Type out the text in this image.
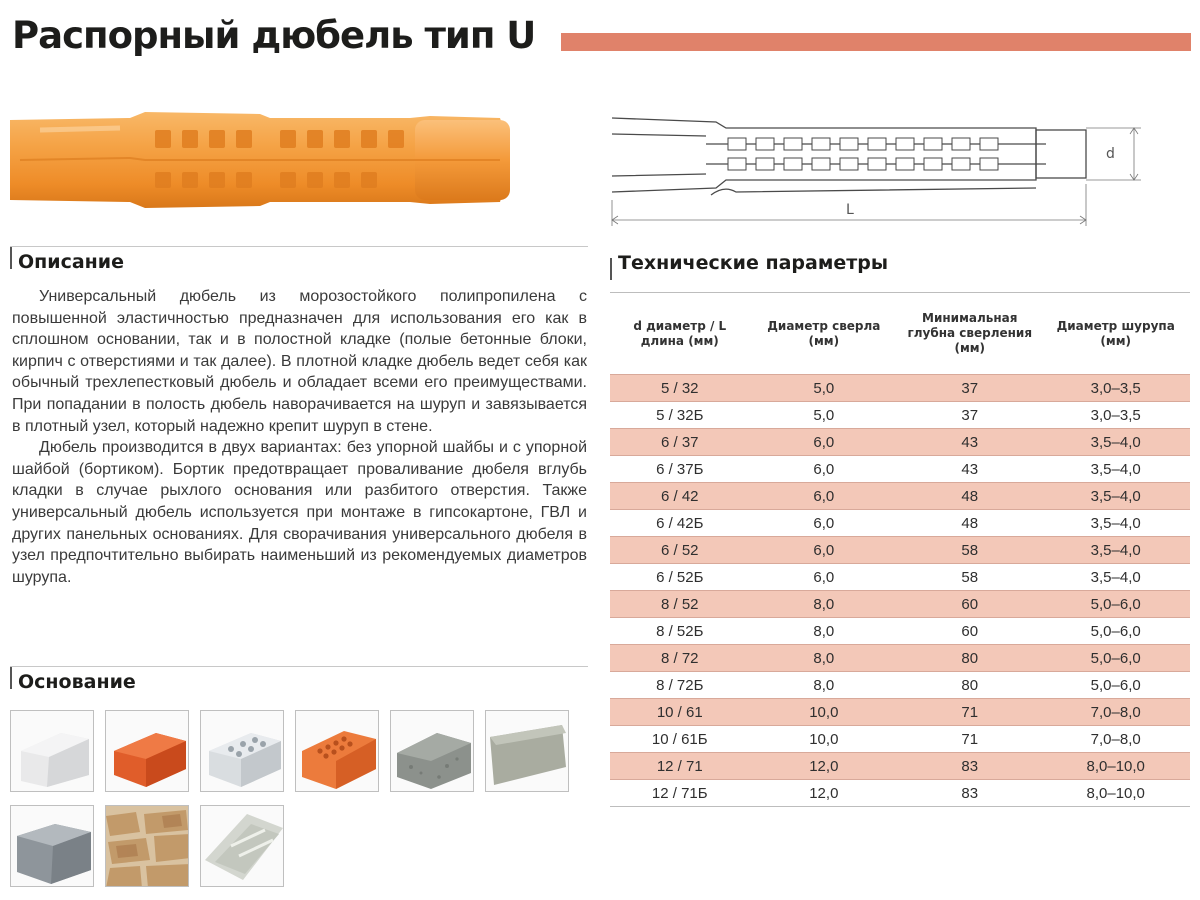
Распорный дюбель тип U
d
L
Описание

Универсальный дюбель из морозостойкого полипропилена с повышенной эластичностью предназначен для использования его как в сплошном основании, так и в полостной кладке (полые бетонные блоки, кирпич с отверстиями и так далее). В плотной кладке дюбель ведет себя как обычный трехлепестковый дюбель и обладает всеми его преимуществами. При попадании в полость дюбель наворачивается на шуруп и завязывается в плотный узел, который надежно крепит шуруп в стене.

Дюбель производится в двух вариантах: без упорной шайбы и с упорной шайбой (бортиком). Бортик предотвращает проваливание дюбеля вглубь кладки в случае рыхлого основания или разбитого отверстия. Также универсальный дюбель используется при монтаже в гипсокартоне, ГВЛ и других панельных основаниях. Для сворачивания универсального дюбеля в узел предпочтительно выбирать наименьший из рекомендуемых диаметров шурупа.

Основание
Технические параметры
d диаметр / L длина (мм)	Диаметр сверла (мм)	Минимальная глубна сверления (мм)	Диаметр шурупа (мм)
5 / 32	5,0	37	3,0–3,5
5 / 32Б	5,0	37	3,0–3,5
6 / 37	6,0	43	3,5–4,0
6 / 37Б	6,0	43	3,5–4,0
6 / 42	6,0	48	3,5–4,0
6 / 42Б	6,0	48	3,5–4,0
6 / 52	6,0	58	3,5–4,0
6 / 52Б	6,0	58	3,5–4,0
8 / 52	8,0	60	5,0–6,0
8 / 52Б	8,0	60	5,0–6,0
8 / 72	8,0	80	5,0–6,0
8 / 72Б	8,0	80	5,0–6,0
10 / 61	10,0	71	7,0–8,0
10 / 61Б	10,0	71	7,0–8,0
12 / 71	12,0	83	8,0–10,0
12 / 71Б	12,0	83	8,0–10,0
